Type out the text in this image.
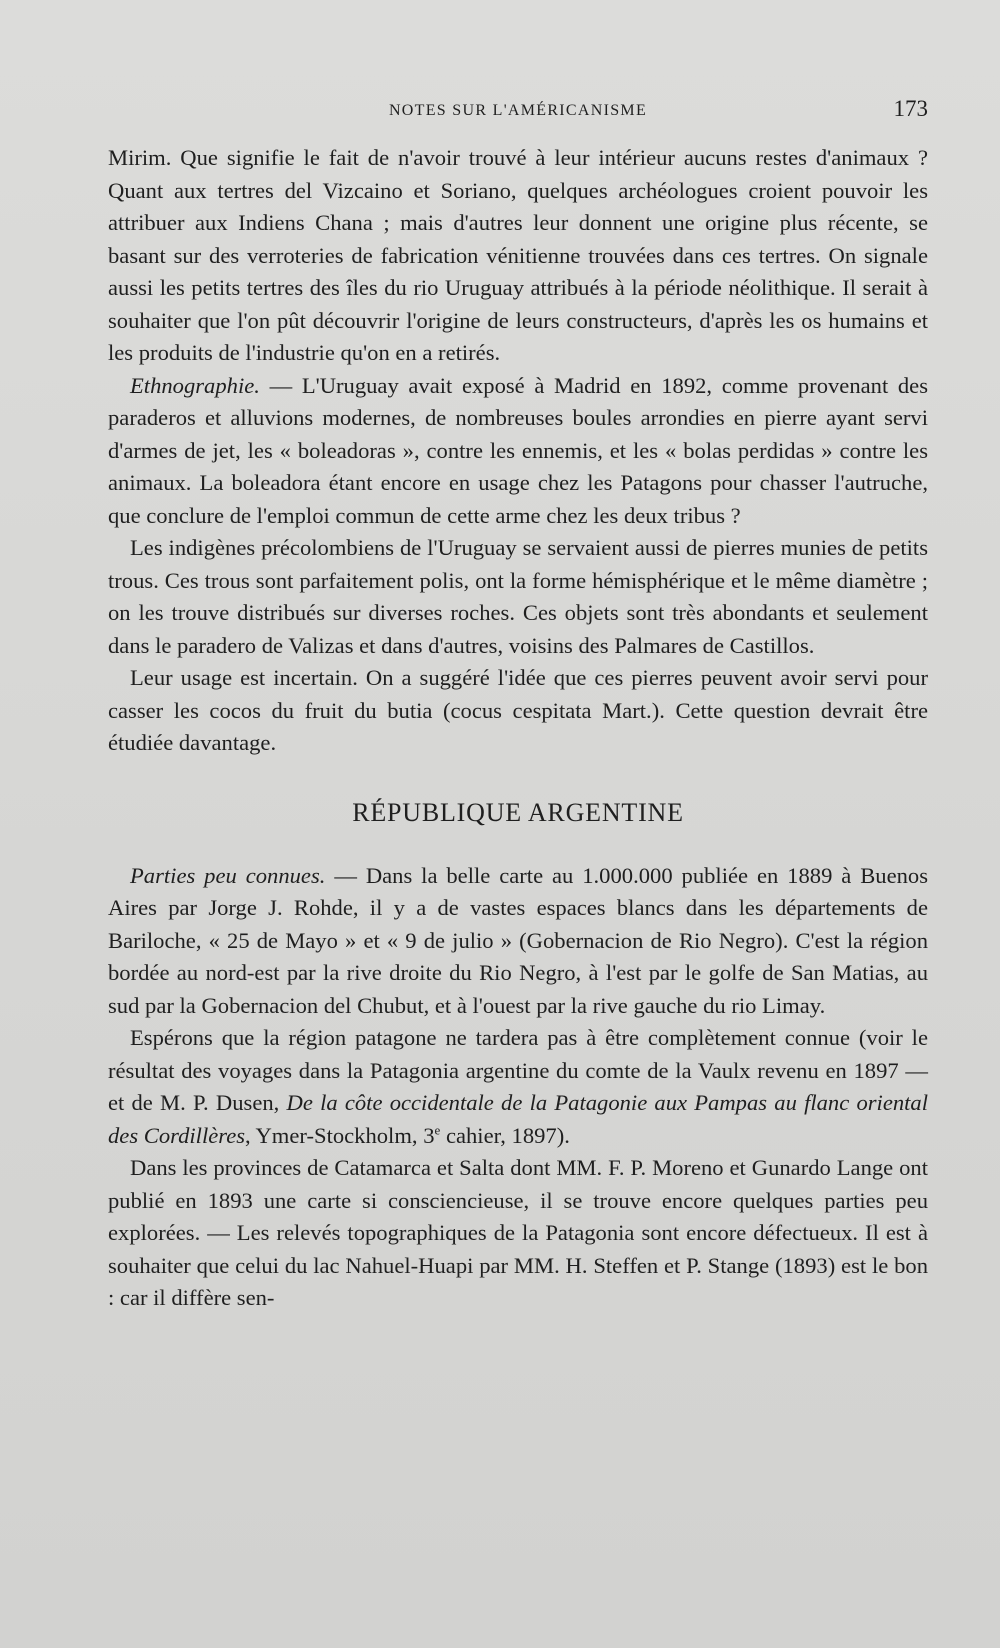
NOTES SUR L'AMÉRICANISME	173

Mirim. Que signifie le fait de n'avoir trouvé à leur intérieur aucuns restes d'animaux ? Quant aux tertres del Vizcaino et Soriano, quelques archéologues croient pouvoir les attribuer aux Indiens Chana ; mais d'autres leur donnent une origine plus récente, se basant sur des verroteries de fabrication vénitienne trouvées dans ces tertres. On signale aussi les petits tertres des îles du rio Uruguay attribués à la période néolithique. Il serait à souhaiter que l'on pût découvrir l'origine de leurs constructeurs, d'après les os humains et les produits de l'industrie qu'on en a retirés.

Ethnographie. — L'Uruguay avait exposé à Madrid en 1892, comme provenant des paraderos et alluvions modernes, de nombreuses boules arrondies en pierre ayant servi d'armes de jet, les « boleadoras », contre les ennemis, et les « bolas perdidas » contre les animaux. La boleadora étant encore en usage chez les Patagons pour chasser l'autruche, que conclure de l'emploi commun de cette arme chez les deux tribus ?

Les indigènes précolombiens de l'Uruguay se servaient aussi de pierres munies de petits trous. Ces trous sont parfaitement polis, ont la forme hémisphérique et le même diamètre ; on les trouve distribués sur diverses roches. Ces objets sont très abondants et seulement dans le paradero de Valizas et dans d'autres, voisins des Palmares de Castillos.

Leur usage est incertain. On a suggéré l'idée que ces pierres peuvent avoir servi pour casser les cocos du fruit du butia (cocus cespitata Mart.). Cette question devrait être étudiée davantage.

RÉPUBLIQUE ARGENTINE

Parties peu connues. — Dans la belle carte au 1.000.000 publiée en 1889 à Buenos Aires par Jorge J. Rohde, il y a de vastes espaces blancs dans les départements de Bariloche, « 25 de Mayo » et « 9 de julio » (Gobernacion de Rio Negro). C'est la région bordée au nord-est par la rive droite du Rio Negro, à l'est par le golfe de San Matias, au sud par la Gobernacion del Chubut, et à l'ouest par la rive gauche du rio Limay.

Espérons que la région patagone ne tardera pas à être complètement connue (voir le résultat des voyages dans la Patagonia argentine du comte de la Vaulx revenu en 1897 — et de M. P. Dusen, De la côte occidentale de la Patagonie aux Pampas au flanc oriental des Cordillères, Ymer-Stockholm, 3e cahier, 1897).

Dans les provinces de Catamarca et Salta dont MM. F. P. Moreno et Gunardo Lange ont publié en 1893 une carte si consciencieuse, il se trouve encore quelques parties peu explorées. — Les relevés topographiques de la Patagonia sont encore défectueux. Il est à souhaiter que celui du lac Nahuel-Huapi par MM. H. Steffen et P. Stange (1893) est le bon : car il diffère sen-
